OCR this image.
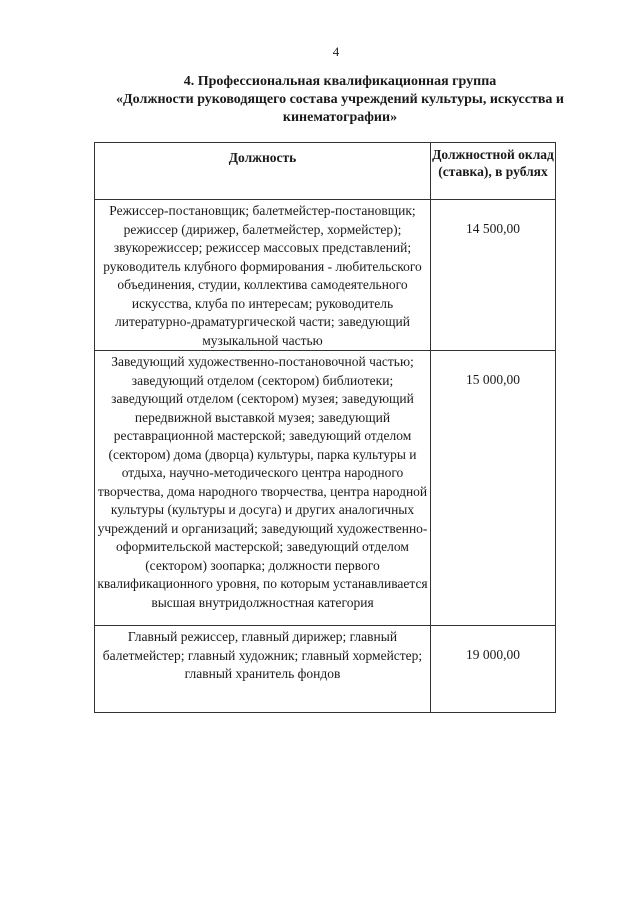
4
4. Профессиональная квалификационная группа
«Должности руководящего состава учреждений культуры, искусства и
кинематографии»
Должность	Должностной оклад (ставка), в рублях
Режиссер-постановщик; балетмейстер-постановщик; режиссер (дирижер, балетмейстер, хормейстер); звукорежиссер; режиссер массовых представлений; руководитель клубного формирования - любительского объединения, студии, коллектива самодеятельного искусства, клуба по интересам; руководитель литературно-драматургической части; заведующий музыкальной частью	14 500,00
Заведующий художественно-постановочной частью; заведующий отделом (сектором) библиотеки; заведующий отделом (сектором) музея; заведующий передвижной выставкой музея; заведующий реставрационной мастерской; заведующий отделом (сектором) дома (дворца) культуры, парка культуры и отдыха, научно-методического центра народного творчества, дома народного творчества, центра народной культуры (культуры и досуга) и других аналогичных учреждений и организаций; заведующий художественно-оформительской мастерской; заведующий отделом (сектором) зоопарка; должности первого квалификационного уровня, по которым устанавливается высшая внутридолжностная категория	15 000,00
Главный режиссер, главный дирижер; главный балетмейстер; главный художник; главный хормейстер; главный хранитель фондов	19 000,00
